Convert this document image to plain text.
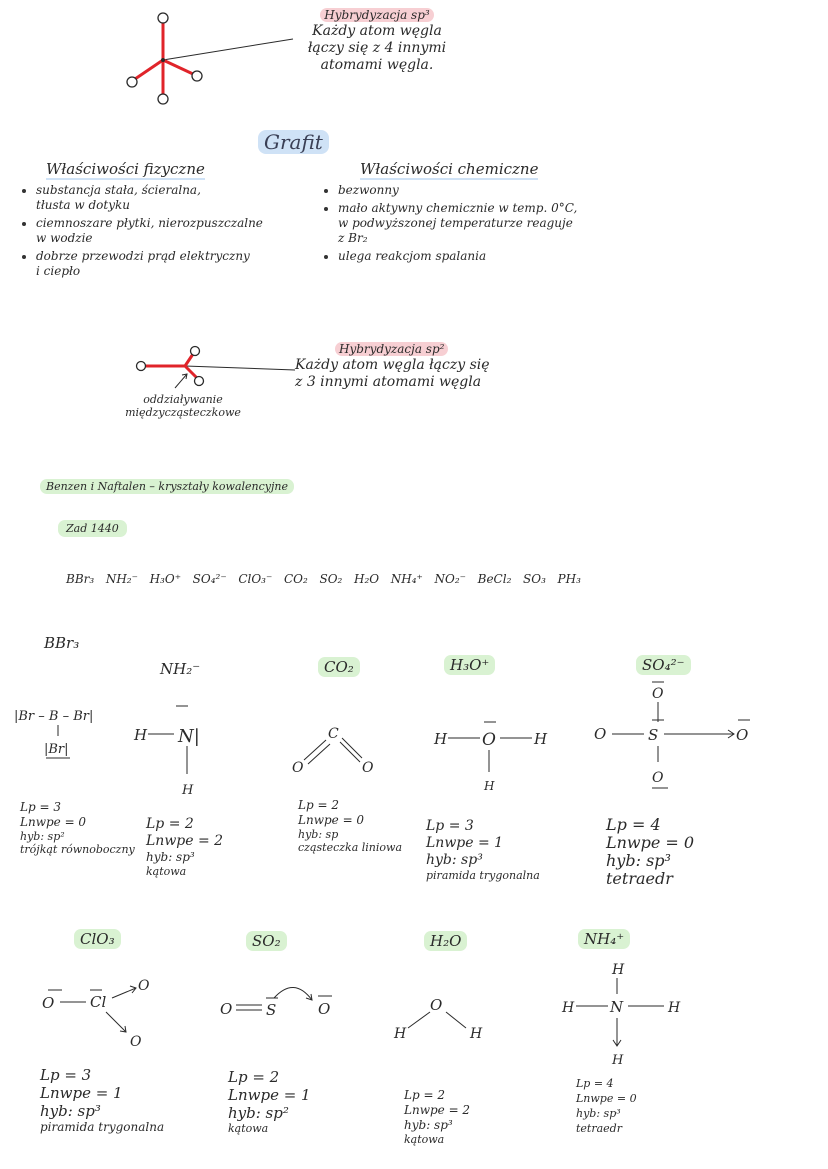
Hybrydyzacja sp³
Każdy atom węgla
łączy się z 4 innymi
atomami węgla.
Grafit
Właściwości fizyczne
• substancja stała, ścieralna,
tłusta w dotyku
• ciemnoszare płytki, nierozpuszczalne
w wodzie
• dobrze przewodzi prąd elektryczny
i ciepło
Właściwości chemiczne
• bezwonny
• mało aktywny chemicznie w temp. 0°C,
w podwyższonej temperaturze reaguje
z Br₂
• ulega reakcjom spalania
oddziaływanie
międzycząsteczkowe
Hybrydyzacja sp²
Każdy atom węgla łączy się
z 3 innymi atomami węgla
Benzen i Naftalen – kryształy kowalencyjne
Zad 1440
BBr₃ NH₂⁻ H₃O⁺ SO₄²⁻ ClO₃⁻ CO₂ SO₂ H₂O NH₄⁺ NO₂⁻ BeCl₂ SO₃ PH₃
BBr₃
NH₂⁻	CO₂	H₃O⁺	SO₄²⁻
ClO₃	SO₂	H₂O	NH₄⁺
|Br – B – Br|
|Br|
H N|
H
O
C
O
H O	H
H
O
O	S	O
O
O Cl
O
O
O S	O
H
O
H
H
H N	H
H
Lp = 3
Lnwpe = 0
hyb: sp²
trójkąt równoboczny
Lp = 2
Lnwpe = 2
hyb: sp³
kątowa
Lp = 2
Lnwpe = 0
hyb: sp
cząsteczka liniowa
Lp = 3
Lnwpe = 1
hyb: sp³
piramida trygonalna
Lp = 4
Lnwpe = 0
hyb: sp³
tetraedr
Lp = 3
Lnwpe = 1
hyb: sp³
piramida trygonalna
Lp = 2
Lnwpe = 1
hyb: sp²
kątowa
Lp = 2
Lnwpe = 2
hyb: sp³
kątowa
Lp = 4
Lnwpe = 0
hyb: sp³
tetraedr
